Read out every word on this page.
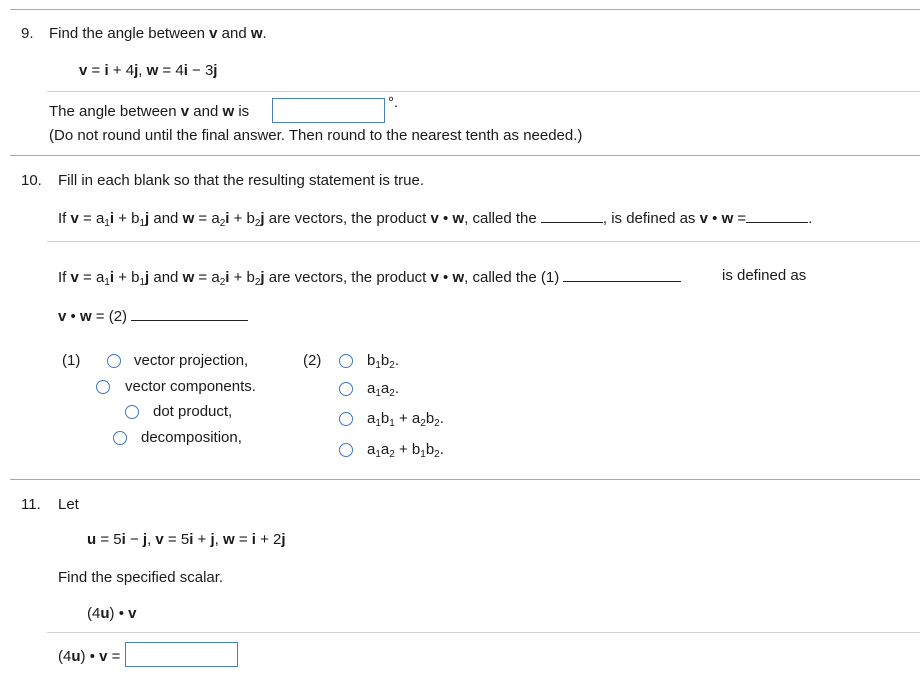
9. Find the angle between v and w.
v = i + 4j, w = 4i − 3j
The angle between v and w is
°.
(Do not round until the final answer. Then round to the nearest tenth as needed.)
10. Fill in each blank so that the resulting statement is true.
If $v = a_1i + b_1j$ and $w = a_2i + b_2j$ are vectors, the product v • w, called the	, is defined as v • w =	.
If $v = a_1i + b_1j$ and $w = a_2i + b_2j$ are vectors, the product v • w, called the (1)	is defined as
v • w = (2)
(1)	vector projection,
vector components.
dot product,
decomposition,
(2)	$b_1b_2$.
$a_1a_2$.
$a_1b_1 + a_2b_2$.
$a_1a_2 + b_1b_2$.
11. Let
u = 5i − j, v = 5i + j, w = i + 2j
Find the specified scalar.
(4u) • v
(4u) • v =
